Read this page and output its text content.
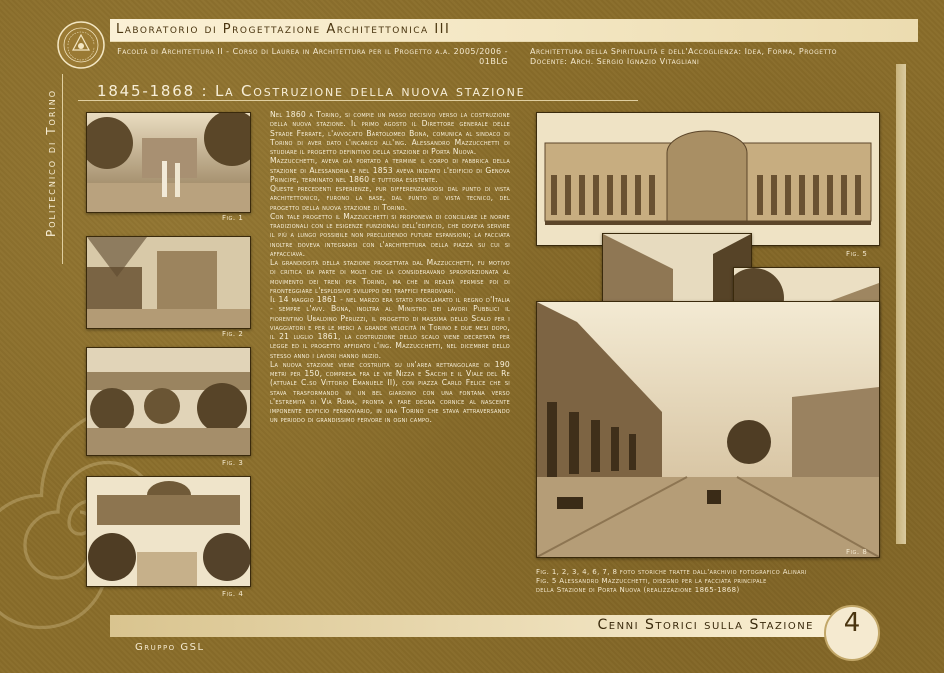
Laboratorio di Progettazione Architettonica III
Facoltà di Architettura II - Corso di Laurea in Architettura per il Progetto a.a. 2005/2006 - 01BLG
Architettura della Spiritualità e dell'Accoglienza: Idea, Forma, Progetto
Docente: Arch. Sergio Ignazio Vitagliani
Politecnico di Torino	1845-1868 : La Costruzione della nuova stazione
Fig. 1
Fig. 2
Fig. 3
Fig. 4

Nel 1860 a Torino, si compie un passo decisivo verso la costruzione della nuova stazione. Il primo agosto il Direttore generale delle Strade Ferrate, l'avvocato Bartolomeo Bona, comunica al sindaco di Torino di aver dato l'incarico all'ing. Alessandro Mazzucchetti di studiare il progetto definitivo della stazione di Porta Nuova.

Mazzucchetti, aveva già portato a termine il corpo di fabbrica della stazione di Alessandria e nel 1853 aveva iniziato l'edificio di Genova Principe, terminato nel 1860 e tuttora esistente.

Queste precedenti esperienze, pur differenziandosi dal punto di vista architettonico, furono la base, dal punto di vista tecnico, del progetto della nuova stazione di Torino.

Con tale progetto il Mazzucchetti si proponeva di conciliare le norme tradizionali con le esigenze funzionali dell'edificio, che doveva servire il più a lungo possibile non precludendo future espansioni; la facciata inoltre doveva integrarsi con l'architettura della piazza su cui si affacciava.

La grandiosità della stazione progettata dal Mazzucchetti, fu motivo di critica da parte di molti che la consideravano sproporzionata al movimento dei treni per Torino, ma che in realtà permise poi di fronteggiare l'esplosivo sviluppo dei traffici ferroviari.

Il 14 maggio 1861 - nel marzo era stato proclamato il regno d'Italia - sempre l'avv. Bona, inoltra al Ministro dei lavori Pubblici il fiorentino Ubaldino Peruzzi, il progetto di massima dello Scalo per i viaggiatori e per le merci a grande velocità in Torino e due mesi dopo, il 21 luglio 1861, la costruzione dello scalo viene decretata per legge ed il progetto affidato l'ing. Mazzucchetti, nel dicembre dello stesso anno i lavori hanno inizio.

La nuova stazione viene costruita su un'area rettangolare di 190 metri per 150, compresa fra le vie Nizza e Sacchi e il Viale del Re (attuale C.so Vittorio Emanuele II), con piazza Carlo Felice che si stava trasformando in un bel giardino con una fontana verso l'estremità di Via Roma, pronta a fare degna cornice al nascente imponente edificio ferroviario, in una Torino che stava attraversando un periodo di grandissimo fervore in ogni campo.

Fig. 5
Fig. 8
Fig. 1, 2, 3, 4, 6, 7, 8 foto storiche tratte dall'archivio fotografico Alinari
Fig. 5 Alessandro Mazzucchetti, disegno per la facciata principale
della Stazione di Porta Nuova (realizzazione 1865-1868)
Cenni Storici sulla Stazione	4
Gruppo GSL
